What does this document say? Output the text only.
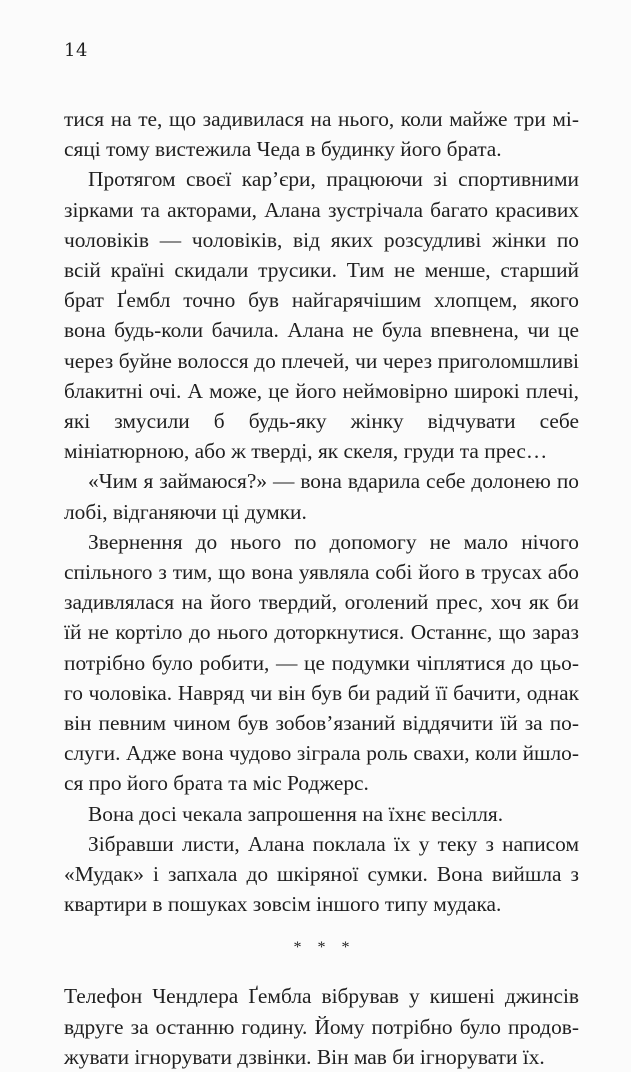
14

тися на те, що задивилася на нього, коли майже три місяці тому вистежила Чеда в будинку його брата.

Протягом своєї кар’єри, працюючи зі спортивними зірками та акторами, Алана зустрічала багато красивих чоловіків — чоловіків, від яких розсудливі жінки по всій країні скидали трусики. Тим не менше, старший брат Ґембл точно був найгарячішим хлопцем, якого вона будь-коли бачила. Алана не була впевнена, чи це через буйне волосся до плечей, чи через приголомшливі блакитні очі. А може, це його неймовірно широкі плечі, які змусили б будь-яку жінку відчувати себе мініатюрною, або ж тверді, як скеля, груди та прес…

«Чим я займаюся?» — вона вдарила себе долонею по лобі, відганяючи ці думки.

Звернення до нього по допомогу не мало нічого спільного з тим, що вона уявляла собі його в трусах або задивлялася на його твердий, оголений прес, хоч як би їй не кортіло до нього доторкнутися. Останнє, що зараз потрібно було робити, — це подумки чіплятися до цього чоловіка. Навряд чи він був би радий її бачити, однак він певним чином був зобов’язаний віддячити їй за послуги. Адже вона чудово зіграла роль свахи, коли йшлося про його брата та міс Роджерс.

Вона досі чекала запрошення на їхнє весілля.

Зібравши листи, Алана поклала їх у теку з написом «Мудак» і запхала до шкіряної сумки. Вона вийшла з квартири в пошуках зовсім іншого типу мудака.

* * *

Телефон Чендлера Ґембла вібрував у кишені джинсів вдруге за останню годину. Йому потрібно було продовжувати ігнорувати дзвінки. Він мав би ігнорувати їх.
